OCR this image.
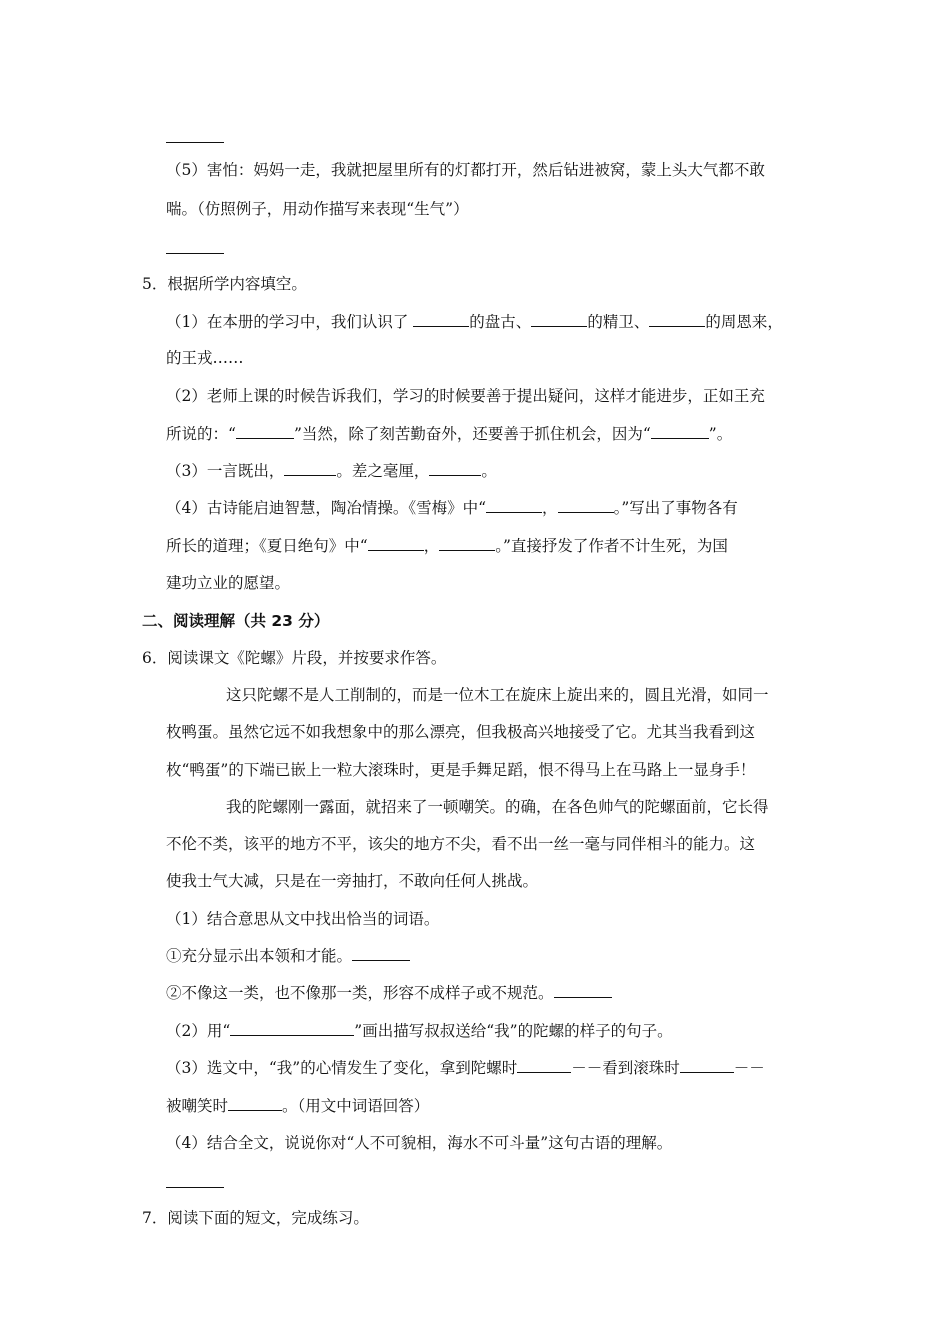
（5）害怕：妈妈一走，我就把屋里所有的灯都打开，然后钻进被窝，蒙上头大气都不敢
喘。（仿照例子，用动作描写来表现“生气”）
5．根据所学内容填空。
（1）在本册的学习中，我们认识了	的盘古、	的精卫、	的周恩来，
的王戎……
（2）老师上课的时候告诉我们，学习的时候要善于提出疑问，这样才能进步，正如王充
所说的：“	”当然，除了刻苦勤奋外，还要善于抓住机会，因为“	”。
（3）一言既出，	。差之毫厘，	。
（4）古诗能启迪智慧，陶冶情操。《雪梅》中“	，	。”写出了事物各有
所长的道理；《夏日绝句》中“	，	。”直接抒发了作者不计生死，为国
建功立业的愿望。
二、阅读理解（共 23 分）
6．阅读课文《陀螺》片段，并按要求作答。
这只陀螺不是人工削制的，而是一位木工在旋床上旋出来的，圆且光滑，如同一
枚鸭蛋。虽然它远不如我想象中的那么漂亮，但我极高兴地接受了它。尤其当我看到这
枚“鸭蛋”的下端已嵌上一粒大滚珠时，更是手舞足蹈，恨不得马上在马路上一显身手！
我的陀螺刚一露面，就招来了一顿嘲笑。的确，在各色帅气的陀螺面前，它长得
不伦不类，该平的地方不平，该尖的地方不尖，看不出一丝一毫与同伴相斗的能力。这
使我士气大减，只是在一旁抽打，不敢向任何人挑战。
（1）结合意思从文中找出恰当的词语。
①充分显示出本领和才能。
②不像这一类，也不像那一类，形容不成样子或不规范。
（2）用“	”画出描写叔叔送给“我”的陀螺的样子的句子。
（3）选文中，“我”的心情发生了变化，拿到陀螺时	－－看到滚珠时	－－
被嘲笑时	。（用文中词语回答）
（4）结合全文，说说你对“人不可貌相，海水不可斗量”这句古语的理解。
7．阅读下面的短文，完成练习。
